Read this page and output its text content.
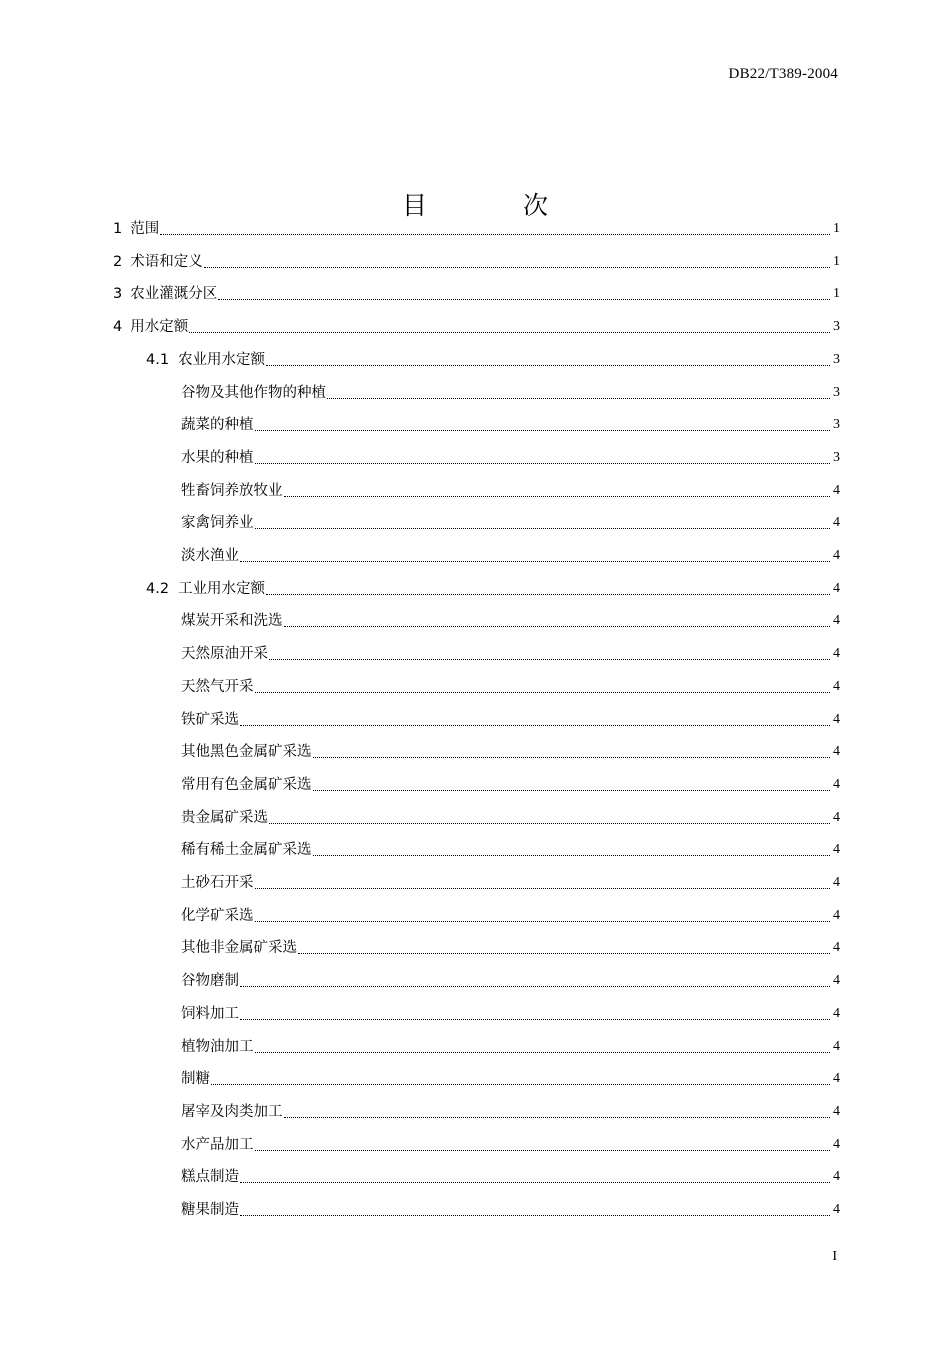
DB22/T389-2004
目 次
1 范围	1
2 术语和定义	1
3 农业灌溉分区	1
4 用水定额	3
4.1 农业用水定额	3
谷物及其他作物的种植	3
蔬菜的种植	3
水果的种植	3
牲畜饲养放牧业	4
家禽饲养业	4
淡水渔业	4
4.2 工业用水定额	4
煤炭开采和洗选	4
天然原油开采	4
天然气开采	4
铁矿采选	4
其他黑色金属矿采选	4
常用有色金属矿采选	4
贵金属矿采选	4
稀有稀土金属矿采选	4
土砂石开采	4
化学矿采选	4
其他非金属矿采选	4
谷物磨制	4
饲料加工	4
植物油加工	4
制糖	4
屠宰及肉类加工	4
水产品加工	4
糕点制造	4
糖果制造	4
I
